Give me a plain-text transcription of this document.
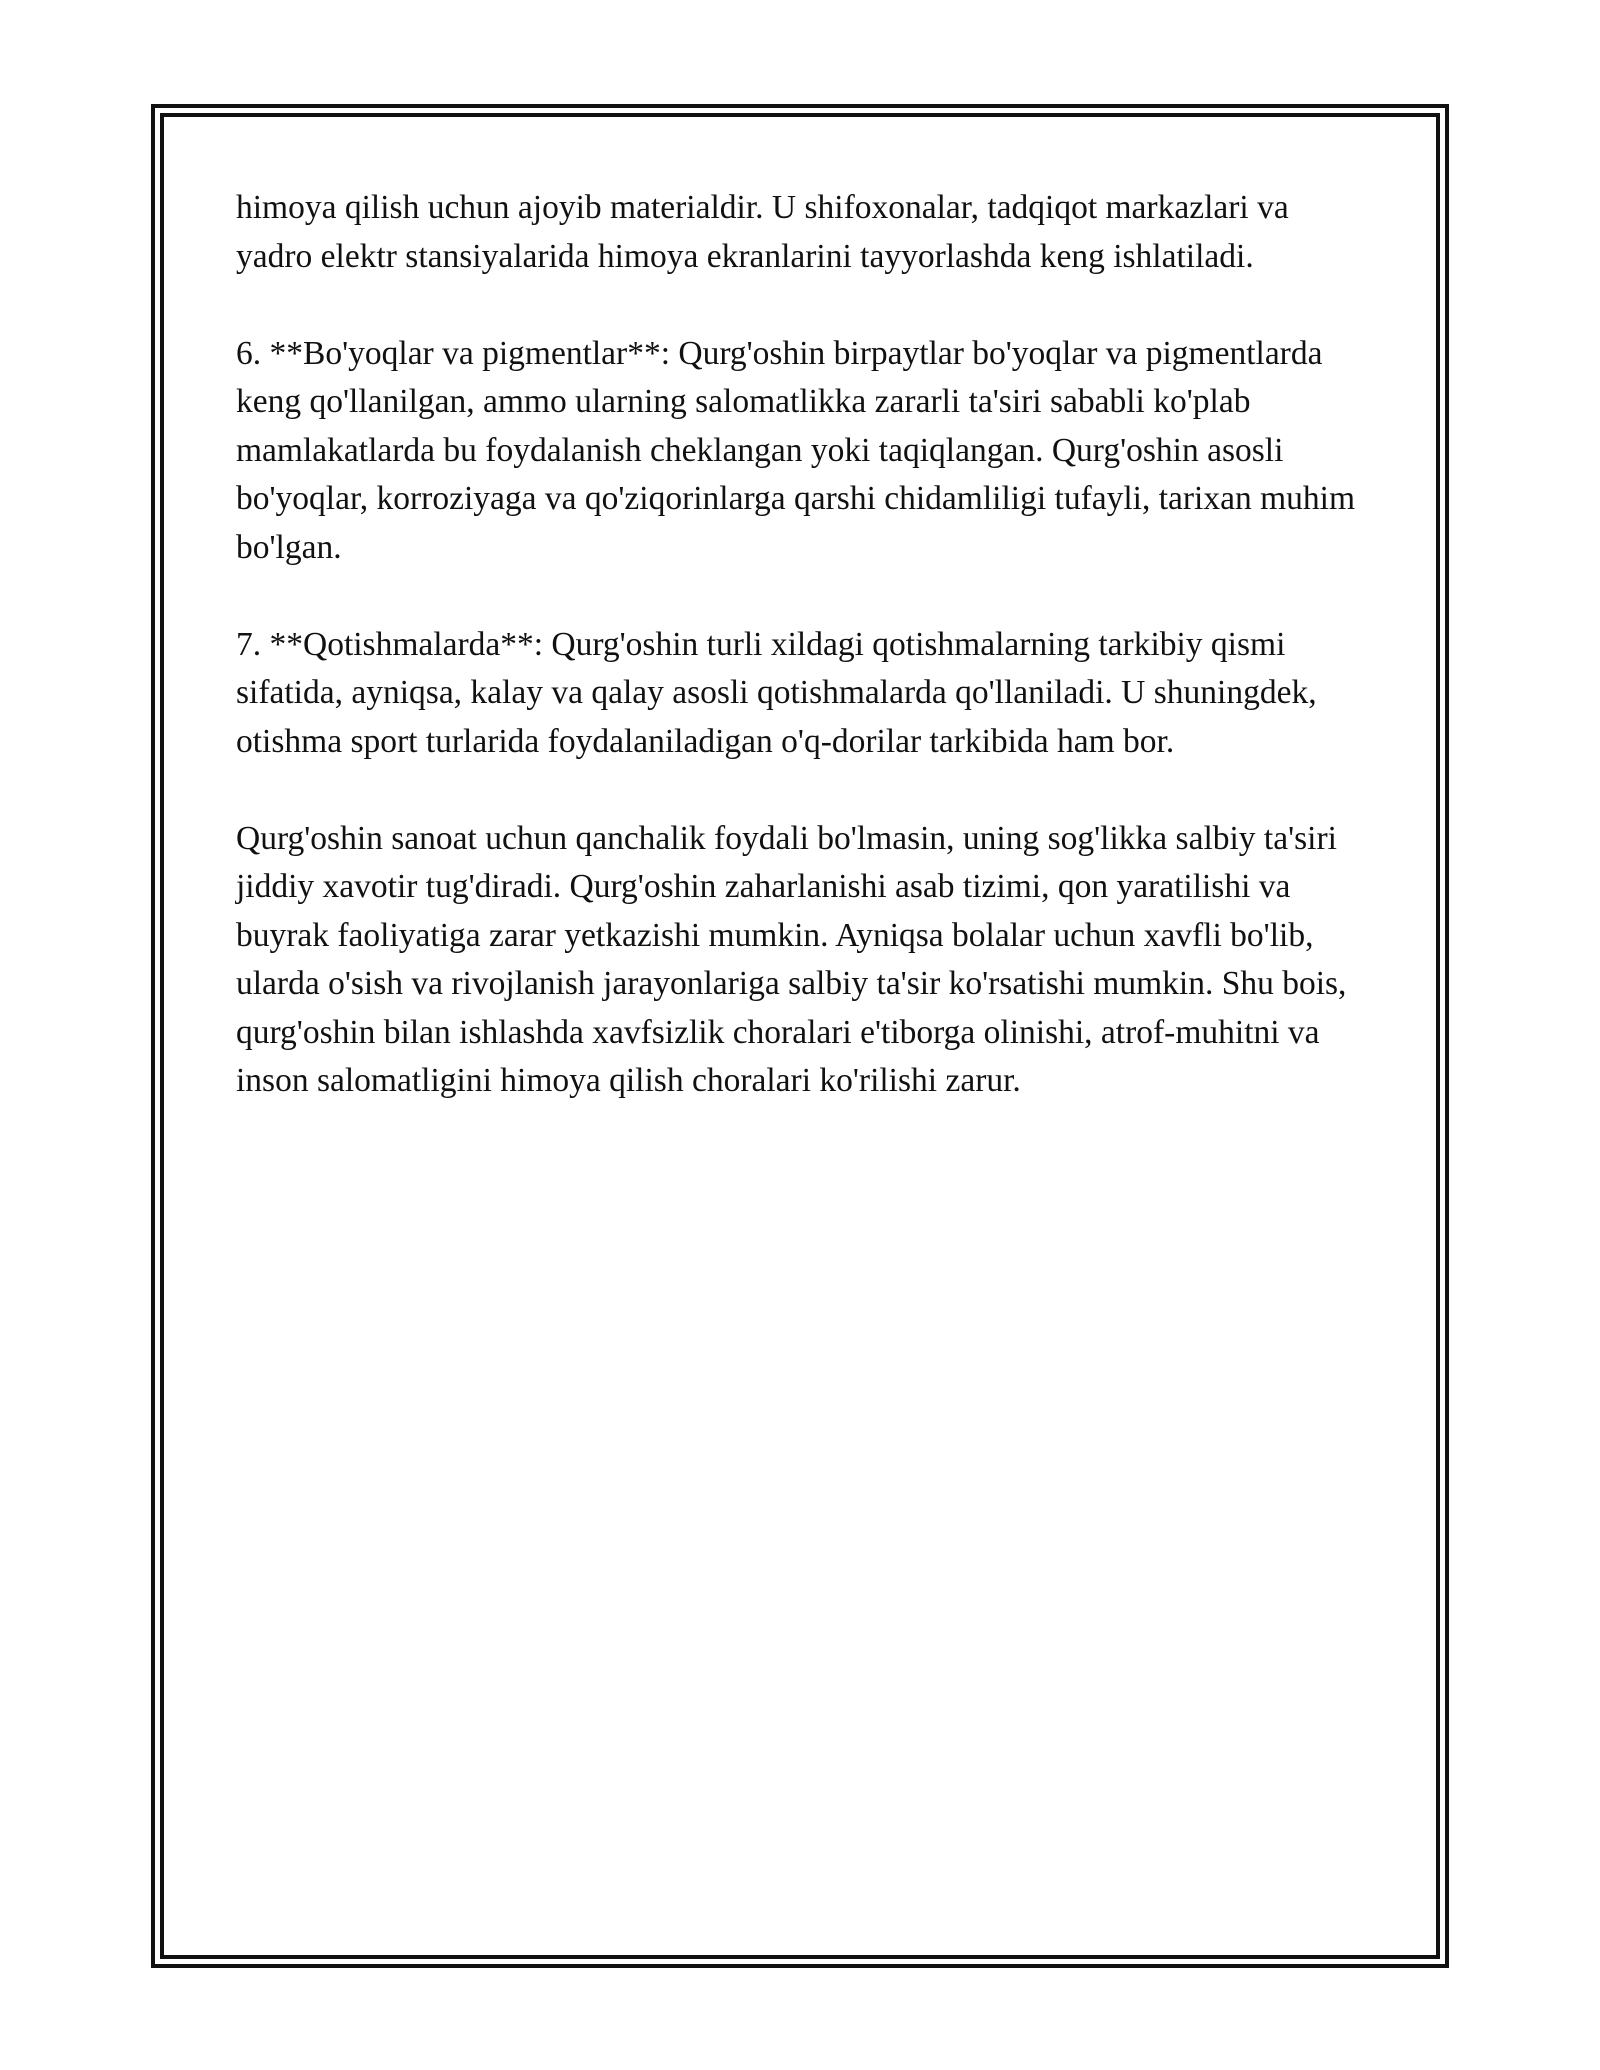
himoya qilish uchun ajoyib materialdir. U shifoxonalar, tadqiqot markazlari va yadro elektr stansiyalarida himoya ekranlarini tayyorlashda keng ishlatiladi.

6. **Bo'yoqlar va pigmentlar**: Qurg'oshin birpaytlar bo'yoqlar va pigmentlarda keng qo'llanilgan, ammo ularning salomatlikka zararli ta'siri sababli ko'plab mamlakatlarda bu foydalanish cheklangan yoki taqiqlangan. Qurg'oshin asosli bo'yoqlar, korroziyaga va qo'ziqorinlarga qarshi chidamliligi tufayli, tarixan muhim bo'lgan.

7. **Qotishmalarda**: Qurg'oshin turli xildagi qotishmalarning tarkibiy qismi sifatida, ayniqsa, kalay va qalay asosli qotishmalarda qo'llaniladi. U shuningdek, otishma sport turlarida foydalaniladigan o'q-dorilar tarkibida ham bor.

Qurg'oshin sanoat uchun qanchalik foydali bo'lmasin, uning sog'likka salbiy ta'siri jiddiy xavotir tug'diradi. Qurg'oshin zaharlanishi asab tizimi, qon yaratilishi va buyrak faoliyatiga zarar yetkazishi mumkin. Ayniqsa bolalar uchun xavfli bo'lib, ularda o'sish va rivojlanish jarayonlariga salbiy ta'sir ko'rsatishi mumkin. Shu bois, qurg'oshin bilan ishlashda xavfsizlik choralari e'tiborga olinishi, atrof-muhitni va inson salomatligini himoya qilish choralari ko'rilishi zarur.
